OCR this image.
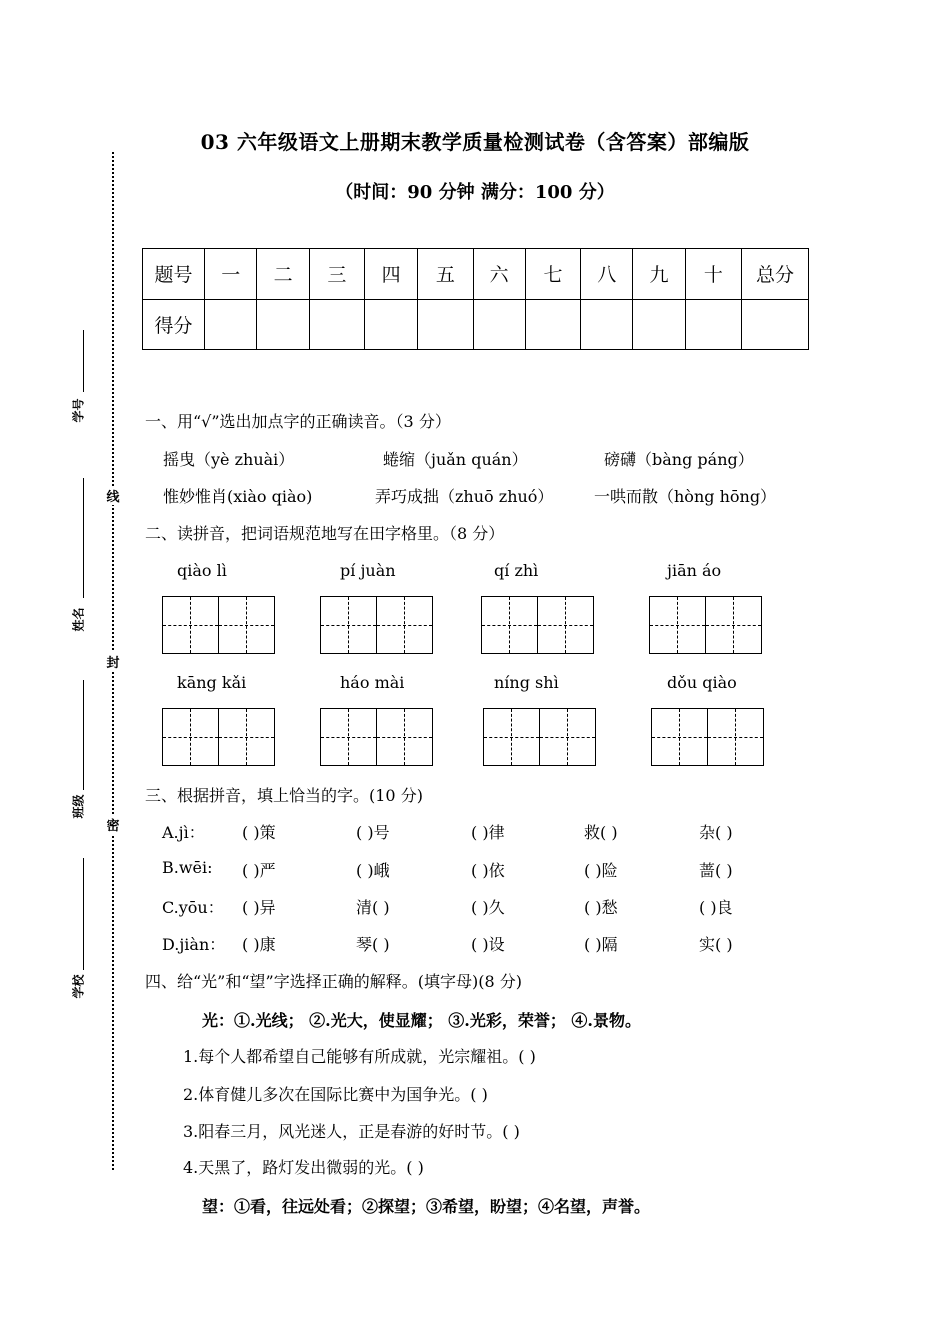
03 六年级语文上册期末教学质量检测试卷（含答案）部编版
（时间：90 分钟 满分：100 分）
线
封
密
学号
姓名
班级
学校
题号	一	二	三	四	五	六	七	八	九	十	总分
得分											
一、用“√”选出加点字的正确读音。（3 分）
摇曳（yè zhuài）	蜷缩（juǎn quán）	磅礴（bàng páng）
惟妙惟肖(xiào qiào)	弄巧成拙（zhuō zhuó）	一哄而散（hòng hōng）
二、读拼音，把词语规范地写在田字格里。（8 分）
qiào lì	pí juàn	qí zhì	jiān áo
kāng kǎi	háo mài	níng shì	dǒu qiào
三、根据拼音，填上恰当的字。(10 分)
A.jì： ( )策	( )号	( )律	救( )	杂( )
B.wēi: ( )严	( )峨	( )依	( )险	蔷( )
C.yōu： ( )异	清( )	( )久	( )愁	( )良
D.jiàn： ( )康	琴( )	( )设	( )隔	实( )
四、给“光”和“望”字选择正确的解释。(填字母)(8 分)
光：①.光线； ②.光大，使显耀； ③.光彩，荣誉； ④.景物。
1.每个人都希望自己能够有所成就，光宗耀祖。( )
2.体育健儿多次在国际比赛中为国争光。( )
3.阳春三月，风光迷人，正是春游的好时节。( )
4.天黑了，路灯发出微弱的光。( )
望：①看，往远处看；②探望；③希望，盼望；④名望，声誉。
